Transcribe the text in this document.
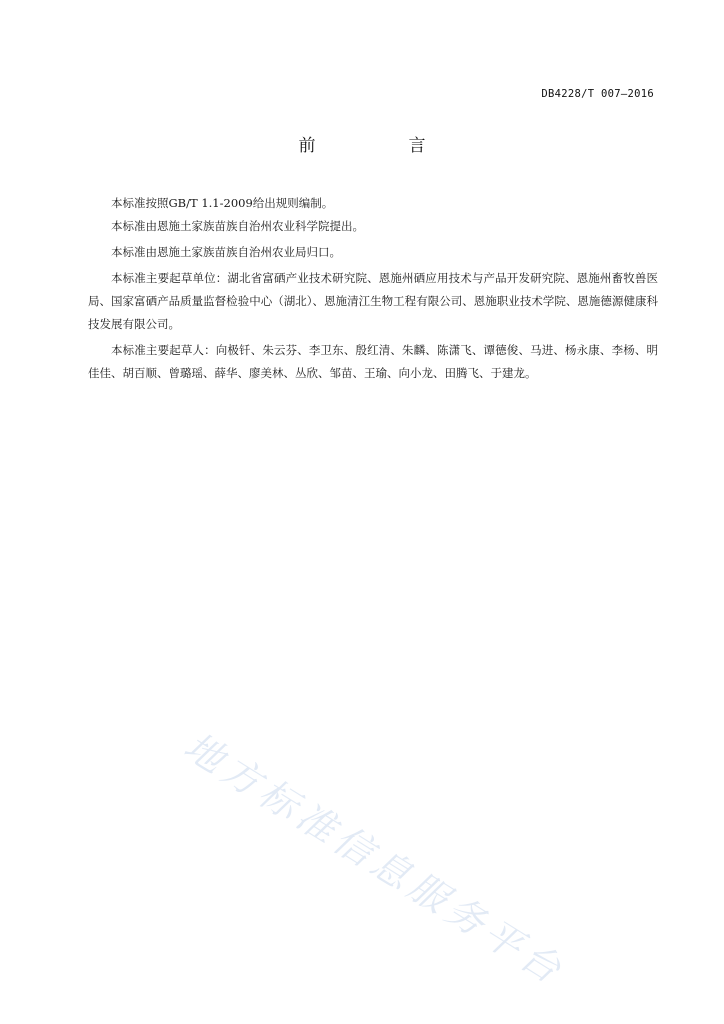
DB4228/T 007—2016
前　言

本标准按照GB/T 1.1-2009给出规则编制。

本标准由恩施土家族苗族自治州农业科学院提出。

本标准由恩施土家族苗族自治州农业局归口。

本标准主要起草单位：湖北省富硒产业技术研究院、恩施州硒应用技术与产品开发研究院、恩施州畜牧兽医局、国家富硒产品质量监督检验中心（湖北）、恩施清江生物工程有限公司、恩施职业技术学院、恩施德源健康科技发展有限公司。

本标准主要起草人：向极钎、朱云芬、李卫东、殷红清、朱麟、陈潇飞、谭德俊、马进、杨永康、李杨、明佳佳、胡百顺、曾璐瑶、薛华、廖美林、丛欣、邹苗、王瑜、向小龙、田腾飞、于建龙。

地方标准信息服务平台
